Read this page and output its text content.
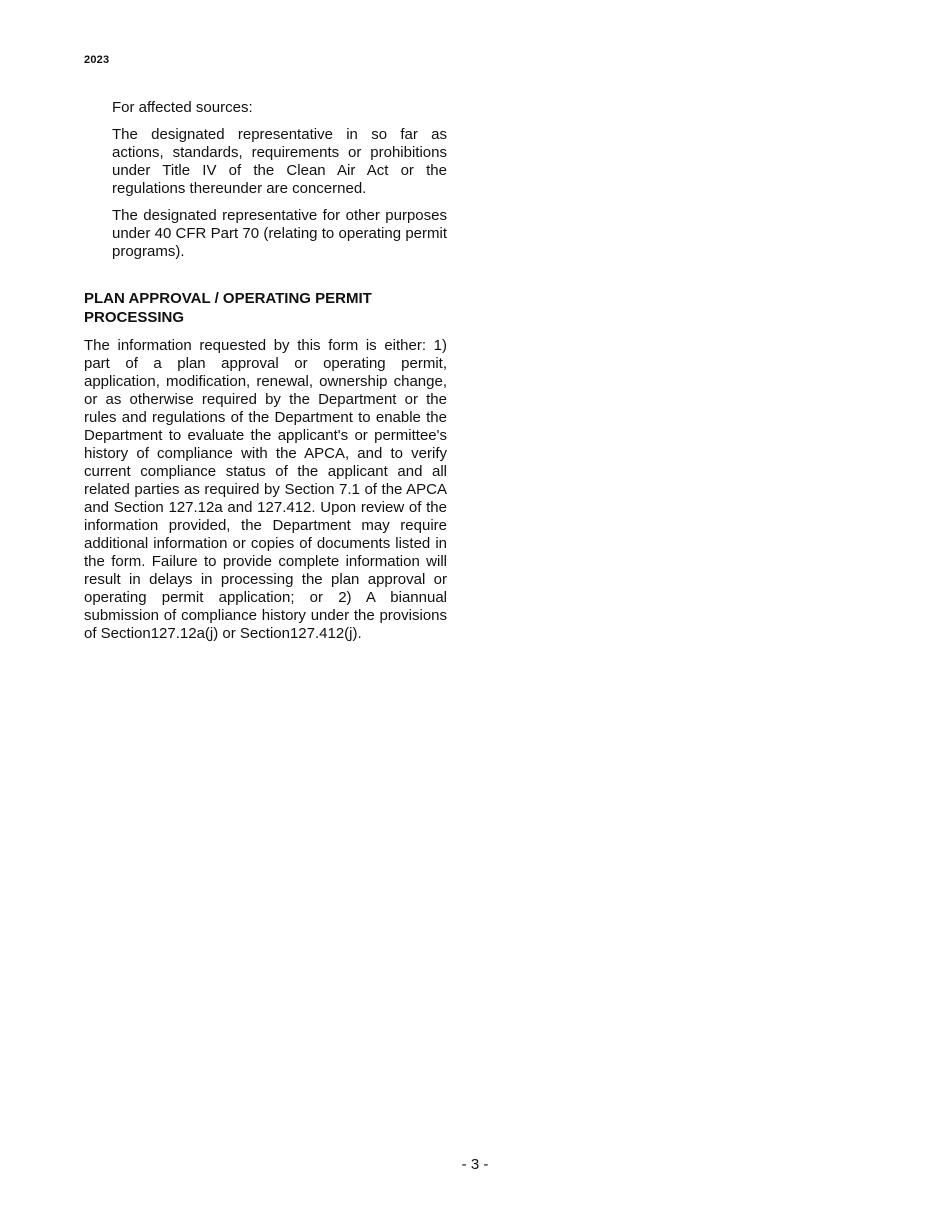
2023

For affected sources:

The designated representative in so far as actions, standards, requirements or prohibitions under Title IV of the Clean Air Act or the regulations thereunder are concerned.

The designated representative for other purposes under 40 CFR Part 70 (relating to operating permit programs).

PLAN APPROVAL / OPERATING PERMIT
PROCESSING

The information requested by this form is either: 1) part of a plan approval or operating permit, application, modification, renewal, ownership change, or as otherwise required by the Department or the rules and regulations of the Department to enable the Department to evaluate the applicant's or permittee's history of compliance with the APCA, and to verify current compliance status of the applicant and all related parties as required by Section 7.1 of the APCA and Section 127.12a and 127.412. Upon review of the information provided, the Department may require additional information or copies of documents listed in the form. Failure to provide complete information will result in delays in processing the plan approval or operating permit application; or 2) A biannual submission of compliance history under the provisions of Section127.12a(j) or Section127.412(j).

- 3 -
